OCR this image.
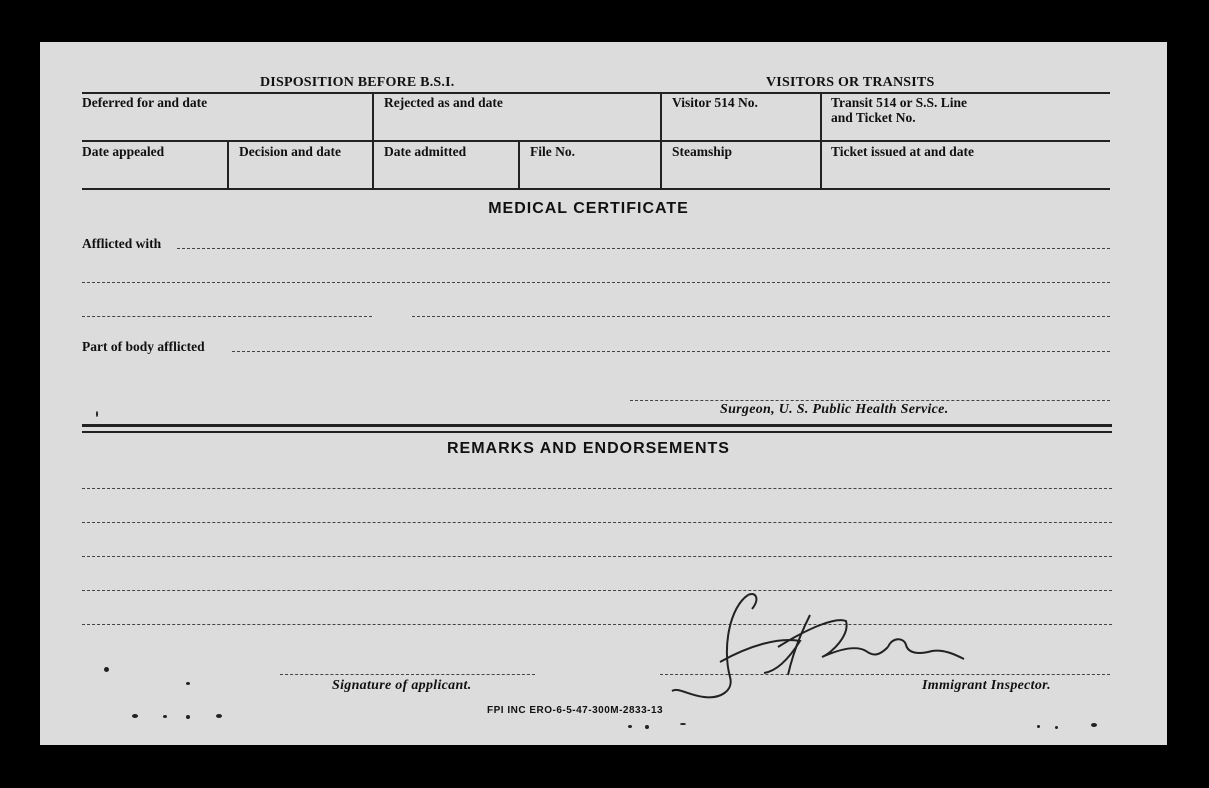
DISPOSITION BEFORE B.S.I.	VISITORS OR TRANSITS
Deferred for and date	Rejected as and date	Visitor 514 No.	Transit 514 or S.S. Line
and Ticket No.
Date appealed	Decision and date	Date admitted	File No.	Steamship	Ticket issued at and date
MEDICAL CERTIFICATE
Afflicted with
Part of body afflicted
Surgeon, U. S. Public Health Service.
REMARKS AND ENDORSEMENTS
Signature of applicant.	Immigrant Inspector.
FPI INC ERO-6-5-47-300M-2833-13
